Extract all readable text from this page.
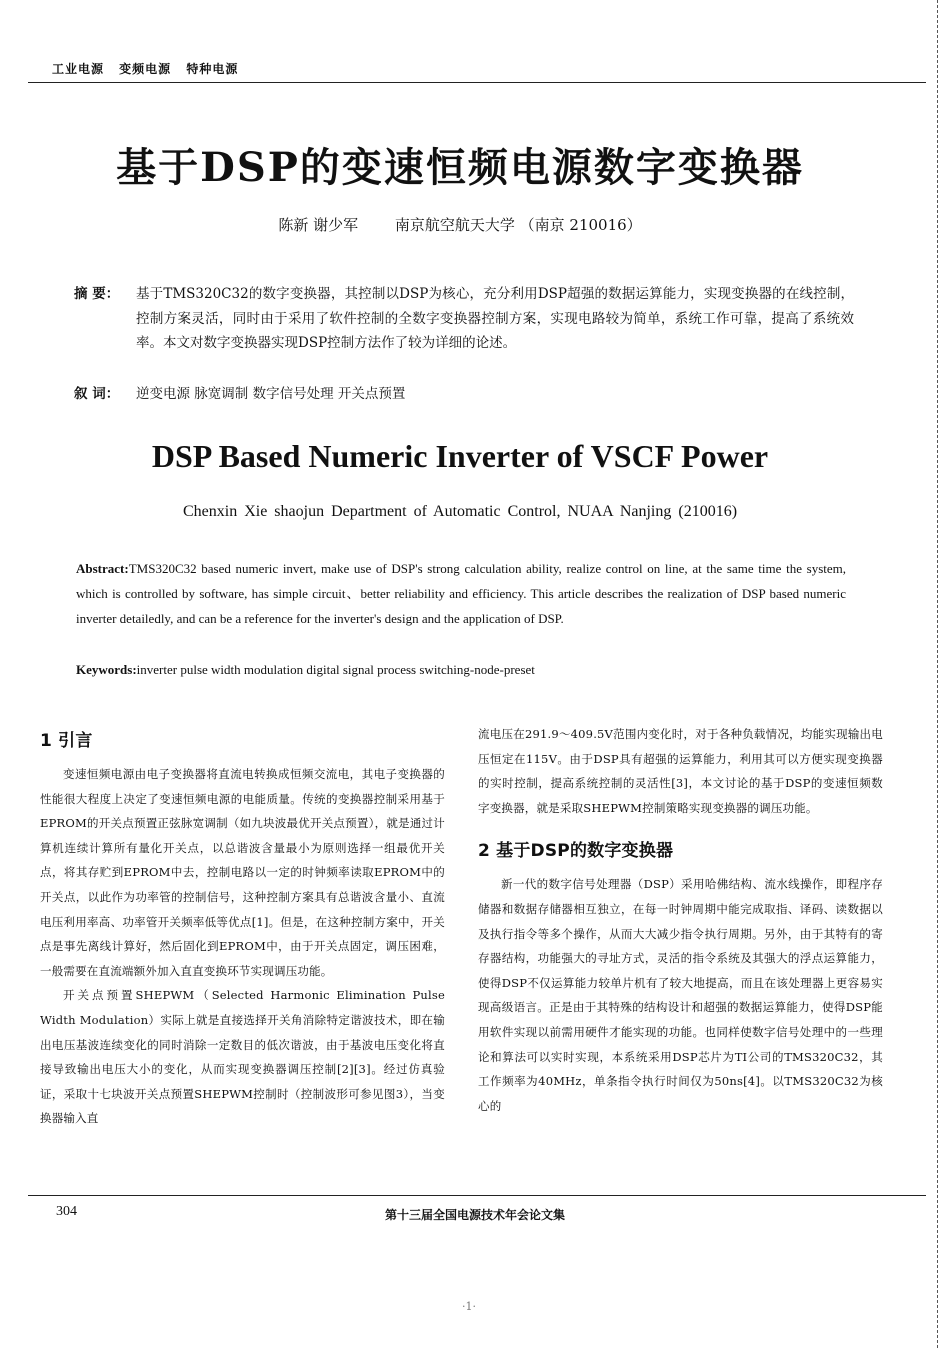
工业电源 变频电源 特种电源
基于DSP的变速恒频电源数字变换器
陈新 谢少军 南京航空航天大学 （南京 210016）
摘 要：	基于TMS320C32的数字变换器，其控制以DSP为核心，充分利用DSP超强的数据运算能力，实现变换器的在线控制，控制方案灵活，同时由于采用了软件控制的全数字变换器控制方案，实现电路较为简单，系统工作可靠，提高了系统效率。本文对数字变换器实现DSP控制方法作了较为详细的论述。
叙 词： 逆变电源 脉宽调制 数字信号处理 开关点预置
DSP Based Numeric Inverter of VSCF Power
Chenxin Xie shaojun Department of Automatic Control, NUAA Nanjing (210016)
Abstract:TMS320C32 based numeric invert, make use of DSP's strong calculation ability, realize control on line, at the same time the system, which is controlled by software, has simple circuit、better reliability and efficiency. This article describes the realization of DSP based numeric inverter detailedly, and can be a reference for the inverter's design and the application of DSP.
Keywords:inverter pulse width modulation digital signal process switching-node-preset
1 引言

变速恒频电源由电子变换器将直流电转换成恒频交流电，其电子变换器的性能很大程度上决定了变速恒频电源的电能质量。传统的变换器控制采用基于EPROM的开关点预置正弦脉宽调制（如九块波最优开关点预置），就是通过计算机连续计算所有量化开关点，以总谐波含量最小为原则选择一组最优开关点，将其存贮到EPROM中去，控制电路以一定的时钟频率读取EPROM中的开关点，以此作为功率管的控制信号，这种控制方案具有总谐波含量小、直流电压利用率高、功率管开关频率低等优点[1]。但是，在这种控制方案中，开关点是事先离线计算好，然后固化到EPROM中，由于开关点固定，调压困难，一般需要在直流端额外加入直直变换环节实现调压功能。

开关点预置SHEPWM（Selected Harmonic Elimination Pulse Width Modulation）实际上就是直接选择开关角消除特定谐波技术，即在输出电压基波连续变化的同时消除一定数目的低次谐波，由于基波电压变化将直接导致输出电压大小的变化，从而实现变换器调压控制[2][3]。经过仿真验证，采取十七块波开关点预置SHEPWM控制时（控制波形可参见图3），当变换器输入直

流电压在291.9～409.5V范围内变化时，对于各种负载情况，均能实现输出电压恒定在115V。由于DSP具有超强的运算能力，利用其可以方便实现变换器的实时控制，提高系统控制的灵活性[3]，本文讨论的基于DSP的变速恒频数字变换器，就是采取SHEPWM控制策略实现变换器的调压功能。

2 基于DSP的数字变换器

新一代的数字信号处理器（DSP）采用哈佛结构、流水线操作，即程序存储器和数据存储器相互独立，在每一时钟周期中能完成取指、译码、读数据以及执行指令等多个操作，从而大大减少指令执行周期。另外，由于其特有的寄存器结构，功能强大的寻址方式，灵活的指令系统及其强大的浮点运算能力，使得DSP不仅运算能力较单片机有了较大地提高，而且在该处理器上更容易实现高级语言。正是由于其特殊的结构设计和超强的数据运算能力，使得DSP能用软件实现以前需用硬件才能实现的功能。也同样使数字信号处理中的一些理论和算法可以实时实现，本系统采用DSP芯片为TI公司的TMS320C32，其工作频率为40MHz，单条指令执行时间仅为50ns[4]。以TMS320C32为核心的

304	第十三届全国电源技术年会论文集
·1·
